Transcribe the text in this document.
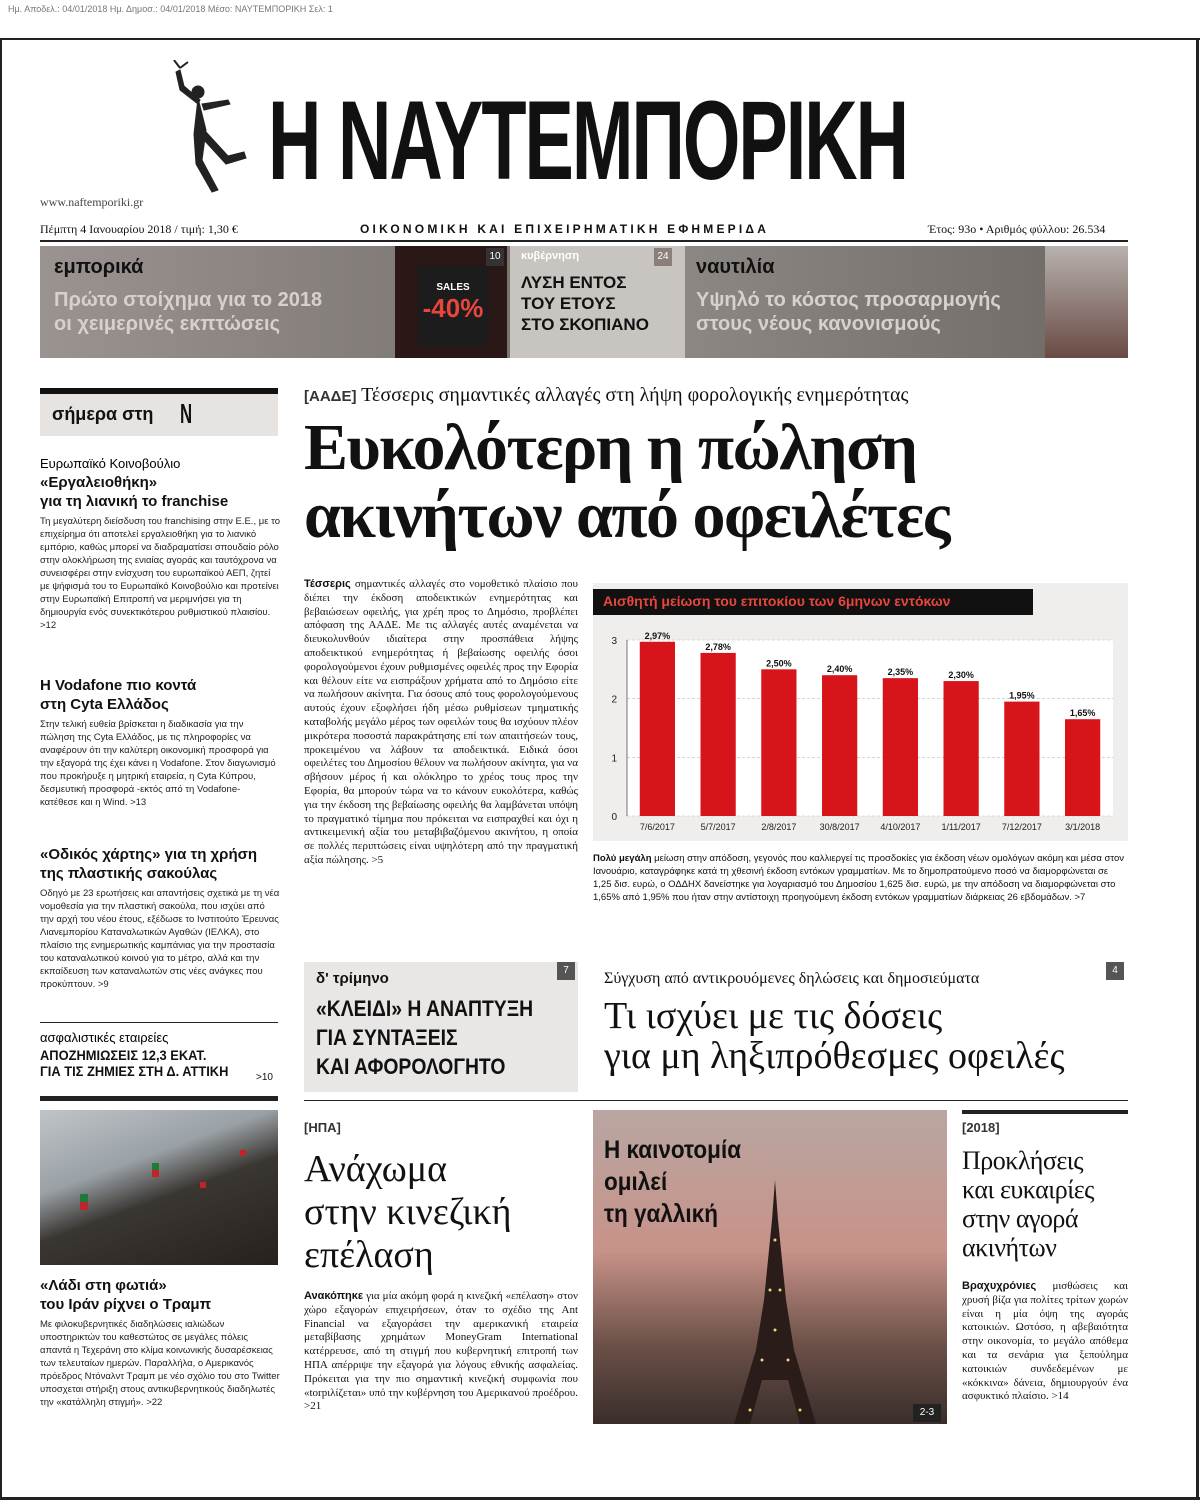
Ημ. Αποδελ.: 04/01/2018 Ημ. Δημοσ.: 04/01/2018 Μέσο: ΝΑΥΤΕΜΠΟΡΙΚΗ Σελ: 1
Η ΝΑΥΤΕΜΠΟΡΙΚΗ
www.naftemporiki.gr
Πέμπτη 4 Ιανουαρίου 2018 / τιμή: 1,30 €	ΟΙΚΟΝΟΜΙΚΗ ΚΑΙ ΕΠΙΧΕΙΡΗΜΑΤΙΚΗ ΕΦΗΜΕΡΙΔΑ	Έτος: 93ο • Αριθμός φύλλου: 26.534
εμπορικά
Πρώτο στοίχημα για το 2018
οι χειμερινές εκπτώσεις
SALES
-40%
10	κυβέρνηση	24
ΛΥΣΗ ΕΝΤΟΣ
ΤΟΥ ΕΤΟΥΣ
ΣΤΟ ΣΚΟΠΙΑΝΟ
ναυτιλία
Υψηλό το κόστος προσαρμογής
στους νέους κανονισμούς
σήμερα στη N
Ευρωπαϊκό Κοινοβούλιο
«Εργαλειοθήκη»
για τη λιανική το franchise
Τη μεγαλύτερη διείσδυση του franchising στην Ε.Ε., με το επιχείρημα ότι αποτελεί εργαλειοθήκη για το λιανικό εμπόριο, καθώς μπορεί να διαδραματίσει σπουδαίο ρόλο στην ολοκλήρωση της ενιαίας αγοράς και ταυτόχρονα να συνεισφέρει στην ενίσχυση του ευρωπαϊκού ΑΕΠ, ζητεί με ψήφισμά του το Ευρωπαϊκό Κοινοβούλιο και προτείνει στην Ευρωπαϊκή Επιτροπή να μεριμνήσει για τη δημιουργία ενός συνεκτικότερου ρυθμιστικού πλαισίου. >12
Η Vodafone πιο κοντά
στη Cyta Ελλάδος
Στην τελική ευθεία βρίσκεται η διαδικασία για την πώληση της Cyta Ελλάδος, με τις πληροφορίες να αναφέρουν ότι την καλύτερη οικονομική προσφορά για την εξαγορά της έχει κάνει η Vodafone. Στον διαγωνισμό που προκήρυξε η μητρική εταιρεία, η Cyta Κύπρου, δεσμευτική προσφορά -εκτός από τη Vodafone- κατέθεσε και η Wind. >13
«Οδικός χάρτης» για τη χρήση
της πλαστικής σακούλας
Οδηγό με 23 ερωτήσεις και απαντήσεις σχετικά με τη νέα νομοθεσία για την πλαστική σακούλα, που ισχύει από την αρχή του νέου έτους, εξέδωσε το Ινστιτούτο Έρευνας Λιανεμπορίου Καταναλωτικών Αγαθών (ΙΕΛΚΑ), στο πλαίσιο της ενημερωτικής καμπάνιας για την προστασία του καταναλωτικού κοινού για το μέτρο, αλλά και την εκπαίδευση των καταναλωτών στις νέες ανάγκες που προκύπτουν. >9
ασφαλιστικές εταιρείες
ΑΠΟΖΗΜΙΩΣΕΙΣ 12,3 ΕΚΑΤ.
ΓΙΑ ΤΙΣ ΖΗΜΙΕΣ ΣΤΗ Δ. ΑΤΤΙΚΗ	>10
«Λάδι στη φωτιά»
του Ιράν ρίχνει ο Τραμπ
Με φιλοκυβερνητικές διαδηλώσεις ιαλιώδων υποστηρικτών του καθεστώτος σε μεγάλες πόλεις απαντά η Τεχεράνη στο κλίμα κοινωνικής δυσαρέσκειας των τελευταίων ημερών. Παραλλήλα, ο Αμερικανός πρόεδρος Ντόναλντ Τραμπ με νέο σχόλιο του στο Twitter υποσχεται στήριξη στους αντικυβερνητικούς διαδηλωτές την «κατάλληλη στιγμή». >22
[ΑΑΔΕ] Τέσσερις σημαντικές αλλαγές στη λήψη φορολογικής ενημερότητας
Ευκολότερη η πώληση
ακινήτων από οφειλέτες
Τέσσερις σημαντικές αλλαγές στο νομοθετικό πλαίσιο που διέπει την έκδοση αποδεικτικών ενημερότητας και βεβαιώσεων οφειλής, για χρέη προς το Δημόσιο, προβλέπει απόφαση της ΑΑΔΕ. Με τις αλλαγές αυτές αναμένεται να διευκολυνθούν ιδιαίτερα στην προσπάθεια λήψης αποδεικτικού ενημερότητας ή βεβαίωσης οφειλής όσοι φορολογούμενοι έχουν ρυθμισμένες οφειλές προς την Εφορία και θέλουν είτε να εισπράξουν χρήματα από το Δημόσιο είτε να πωλήσουν ακίνητα. Για όσους από τους φορολογούμενους αυτούς έχουν εξοφλήσει ήδη μέσω ρυθμίσεων τμηματικής καταβολής μεγάλο μέρος των οφειλών τους θα ισχύουν πλέον μικρότερα ποσοστά παρακράτησης επί των απαιτήσεών τους, προκειμένου να λάβουν τα αποδεικτικά. Ειδικά όσοι οφειλέτες του Δημοσίου θέλουν να πωλήσουν ακίνητα, για να σβήσουν μέρος ή και ολόκληρο το χρέος τους προς την Εφορία, θα μπορούν τώρα να το κάνουν ευκολότερα, καθώς για την έκδοση της βεβαίωσης οφειλής θα λαμβάνεται υπόψη το πραγματικό τίμημα που πρόκειται να εισπραχθεί και όχι η αντικειμενική αξία του μεταβιβαζόμενου ακινήτου, η οποία σε πολλές περιπτώσεις είναι υψηλότερη από την πραγματική αξία πώλησης. >5
Αισθητή μείωση του επιτοκίου των 6μηνων εντόκων
0
1
2
3
2,97%
7/6/2017
2,78%
5/7/2017
2,50%
2/8/2017
2,40%
30/8/2017
2,35%
4/10/2017
2,30%
1/11/2017
1,95%
7/12/2017
1,65%
3/1/2018
Πολύ μεγάλη μείωση στην απόδοση, γεγονός που καλλιεργεί τις προσδοκίες για έκδοση νέων ομολόγων ακόμη και μέσα στον Ιανουάριο, καταγράφηκε κατά τη χθεσινή έκδοση εντόκων γραμματίων. Με το δημοπρατούμενο ποσό να διαμορφώνεται σε 1,25 δισ. ευρώ, ο ΟΔΔΗΧ δανείστηκε για λογαριασμό του Δημοσίου 1,625 δισ. ευρώ, με την απόδοση να διαμορφώνεται στο 1,65% από 1,95% που ήταν στην αντίστοιχη προηγούμενη έκδοση εντόκων γραμματίων διάρκειας 26 εβδομάδων. >7
δ' τρίμηνο	7
«ΚΛΕΙΔΙ» Η ΑΝΑΠΤΥΞΗ
ΓΙΑ ΣΥΝΤΑΞΕΙΣ
ΚΑΙ ΑΦΟΡΟΛΟΓΗΤΟ
Σύγχυση από αντικρουόμενες δηλώσεις και δημοσιεύματα	4
Τι ισχύει με τις δόσεις
για μη ληξιπρόθεσμες οφειλές
[ΗΠΑ]
Ανάχωμα
στην κινεζική
επέλαση
Ανακόπηκε για μία ακόμη φορά η κινεζική «επέλαση» στον χώρο εξαγορών επιχειρήσεων, όταν το σχέδιο της Ant Financial να εξαγοράσει την αμερικανική εταιρεία μεταβίβασης χρημάτων MoneyGram International κατέρρευσε, από τη στιγμή που κυβερνητική επιτροπή των ΗΠΑ απέρριψε την εξαγορά για λόγους εθνικής ασφαλείας. Πρόκειται για την πιο σημαντική κινεζική συμφωνία που «torpιλίζεται» υπό την κυβέρνηση του Αμερικανού προέδρου. >21
Η καινοτομία
ομιλεί
τη γαλλική
2-3
[2018]
Προκλήσεις
και ευκαιρίες
στην αγορά
ακινήτων
Βραχυχρόνιες μισθώσεις και χρυσή βίζα για πολίτες τρίτων χωρών είναι η μία όψη της αγοράς κατοικιών. Ωστόσο, η αβεβαιότητα στην οικονομία, το μεγάλο απόθεμα και τα σενάρια για ξεπούλημα κατοικιών συνδεδεμένων με «κόκκινα» δάνεια, δημιουργούν ένα ασφυκτικό πλαίσιο. >14
